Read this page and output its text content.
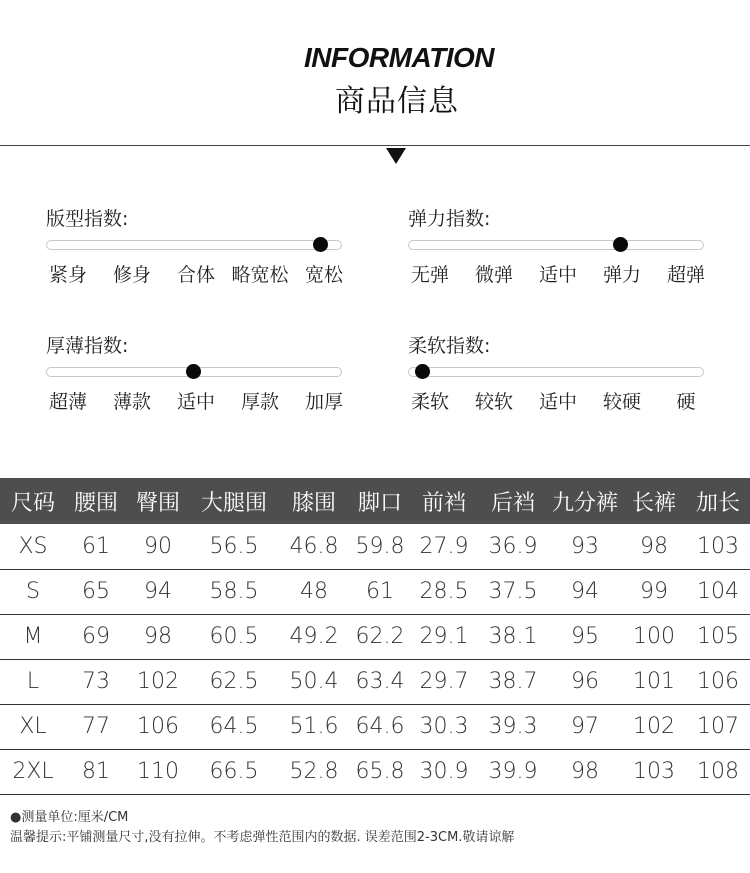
INFORMATION
商品信息
版型指数:
紧身 修身 合体 略宽松 宽松
弹力指数:
无弹 微弹 适中 弹力 超弹
厚薄指数:
超薄 薄款 适中 厚款 加厚
柔软指数:
柔软 较软 适中 较硬 硬
尺码	腰围	臀围	大腿围	膝围	脚口	前裆	后裆	九分裤	长裤	加长
XS	61	90	56.5	46.8	59.8	27.9	36.9	93	98	103
S	65	94	58.5	48	61	28.5	37.5	94	99	104
M	69	98	60.5	49.2	62.2	29.1	38.1	95	100	105
L	73	102	62.5	50.4	63.4	29.7	38.7	96	101	106
XL	77	106	64.5	51.6	64.6	30.3	39.3	97	102	107
2XL	81	110	66.5	52.8	65.8	30.9	39.9	98	103	108
●测量单位:厘米/CM
温馨提示:平铺测量尺寸,没有拉伸。不考虑弹性范围内的数据. 误差范围2-3CM.敬请谅解
